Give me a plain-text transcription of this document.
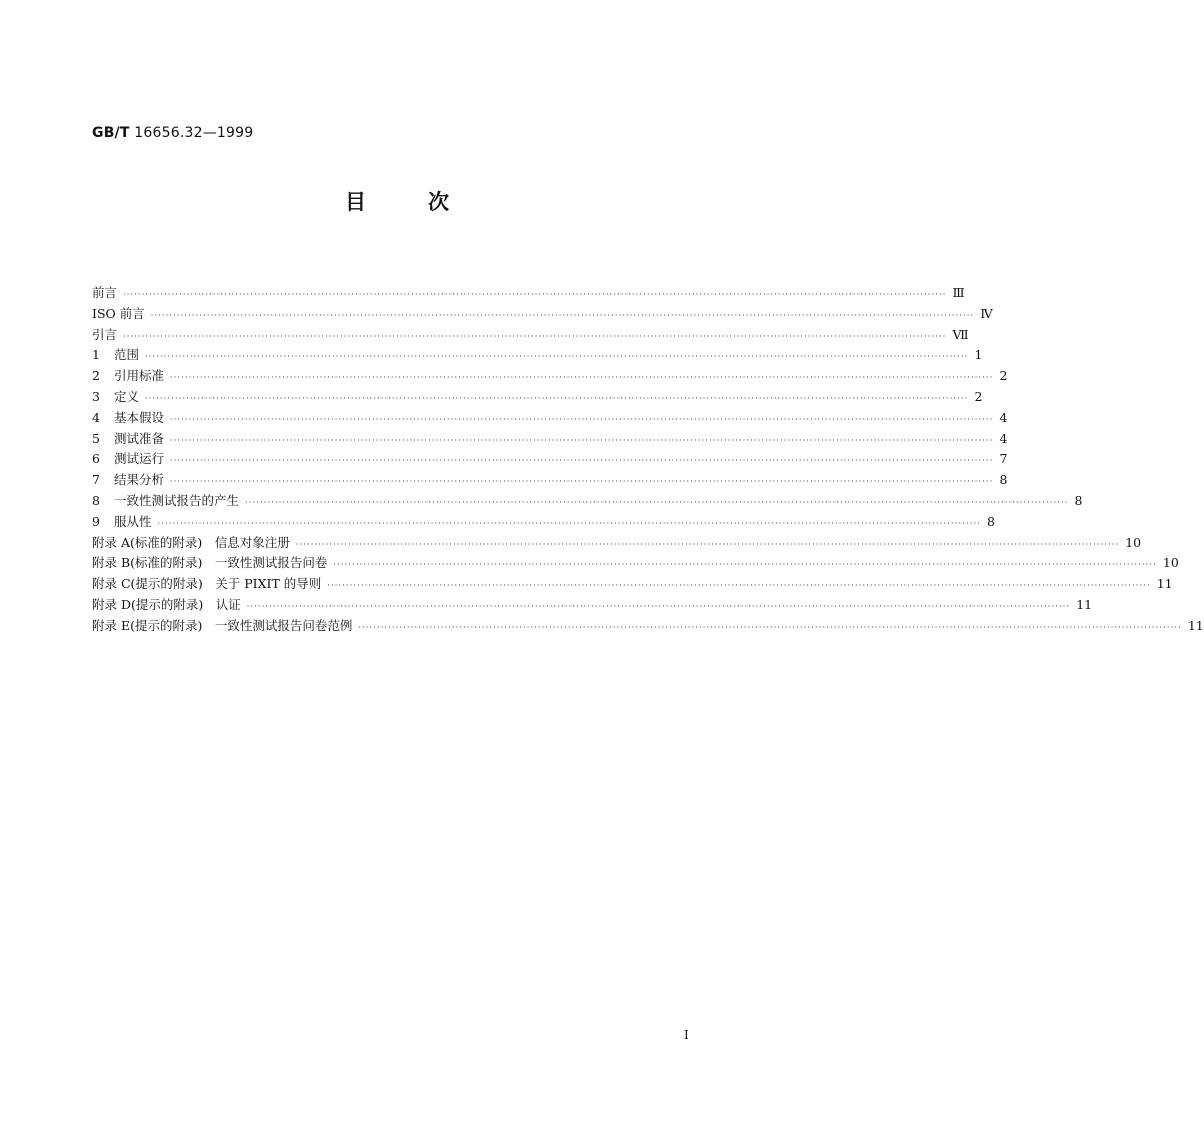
GB/T 16656.32—1999
目	次
前言 ···························································································································································································································· Ⅲ
ISO 前言 ···························································································································································································································· Ⅳ
引言 ···························································································································································································································· Ⅶ
1 范围 ···························································································································································································································· 1
2 引用标准 ···························································································································································································································· 2
3 定义 ···························································································································································································································· 2
4 基本假设 ···························································································································································································································· 4
5 测试准备 ···························································································································································································································· 4
6 测试运行 ···························································································································································································································· 7
7 结果分析 ···························································································································································································································· 8
8 一致性测试报告的产生 ···························································································································································································································· 8
9 服从性 ···························································································································································································································· 8
附录 A(标准的附录)　信息对象注册 ···························································································································································································································· 10
附录 B(标准的附录)　一致性测试报告问卷 ···························································································································································································································· 10
附录 C(提示的附录)　关于 PIXIT 的导则 ···························································································································································································································· 11
附录 D(提示的附录)　认证 ···························································································································································································································· 11
附录 E(提示的附录)　一致性测试报告问卷范例 ···························································································································································································································· 11
I
